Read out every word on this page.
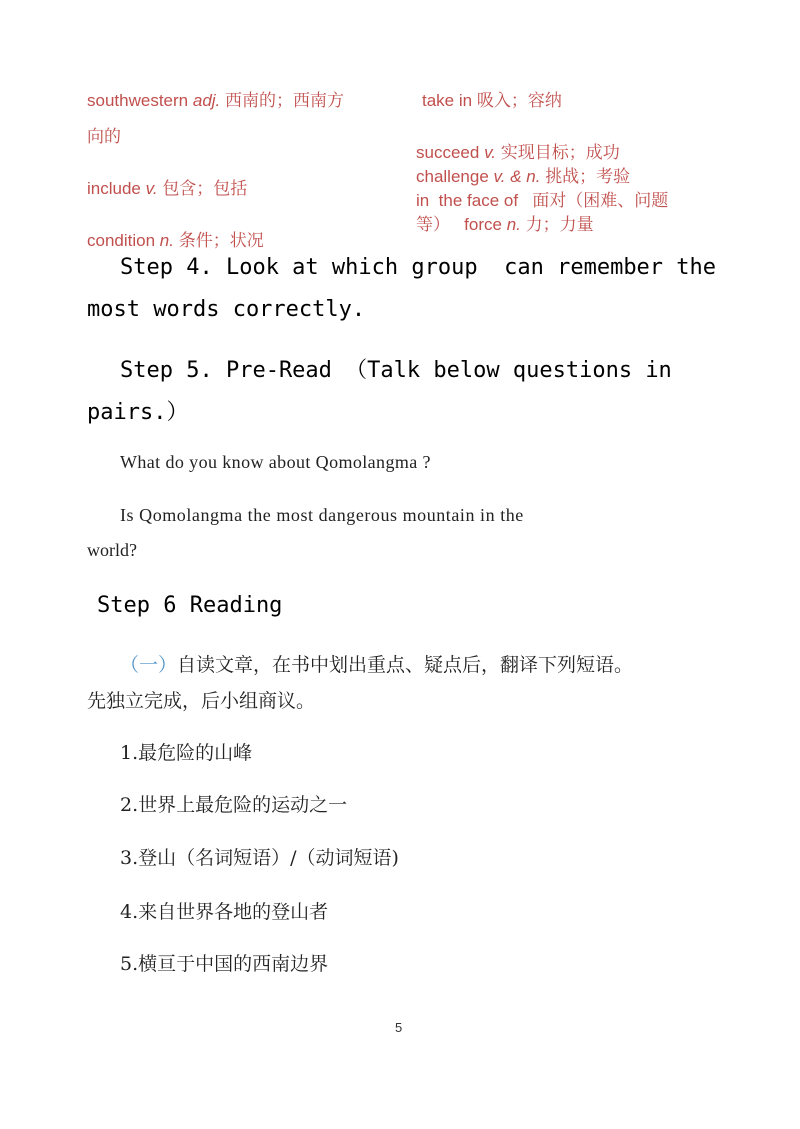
southwestern adj. 西南的；西南方
向的
include v. 包含；包括
condition n. 条件；状况
take in 吸入；容纳
succeed v. 实现目标；成功
challenge v. & n. 挑战；考验
in  the face of   面对（困难、问题
等）   force n. 力；力量
Step 4. Look at which group  can remember the
most words correctly.
Step 5. Pre-Read （Talk below questions in
pairs.）
What do you know about Qomolangma ?
Is Qomolangma the most dangerous mountain in the
world?
Step 6 Reading
（一）自读文章，在书中划出重点、疑点后，翻译下列短语。
先独立完成，后小组商议。
1.最危险的山峰
2.世界上最危险的运动之一
3.登山（名词短语）/（动词短语)
4.来自世界各地的登山者
5.横亘于中国的西南边界
5
